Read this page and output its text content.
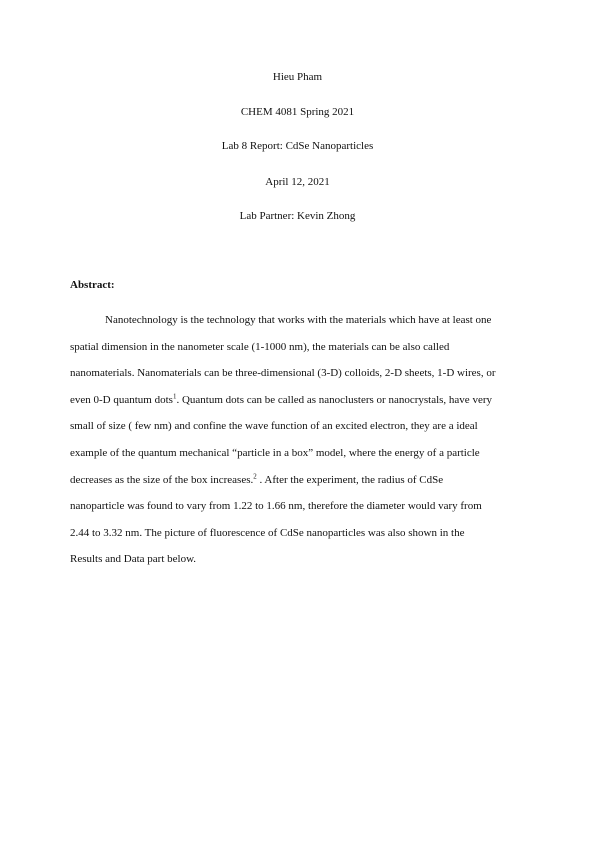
Hieu Pham
CHEM 4081 Spring 2021
Lab 8 Report: CdSe Nanoparticles
April 12, 2021
Lab Partner: Kevin Zhong
Abstract:
Nanotechnology is the technology that works with the materials which have at least one
spatial dimension in the nanometer scale (1-1000 nm), the materials can be also called
nanomaterials. Nanomaterials can be three-dimensional (3-D) colloids, 2-D sheets, 1-D wires, or
even 0-D quantum dots$^1$. Quantum dots can be called as nanoclusters or nanocrystals, have very
small of size ( few nm) and confine the wave function of an excited electron, they are a ideal
example of the quantum mechanical “particle in a box” model, where the energy of a particle
decreases as the size of the box increases.$^2$ . After the experiment, the radius of CdSe
nanoparticle was found to vary from 1.22 to 1.66 nm, therefore the diameter would vary from
2.44 to 3.32 nm. The picture of fluorescence of CdSe nanoparticles was also shown in the
Results and Data part below.
